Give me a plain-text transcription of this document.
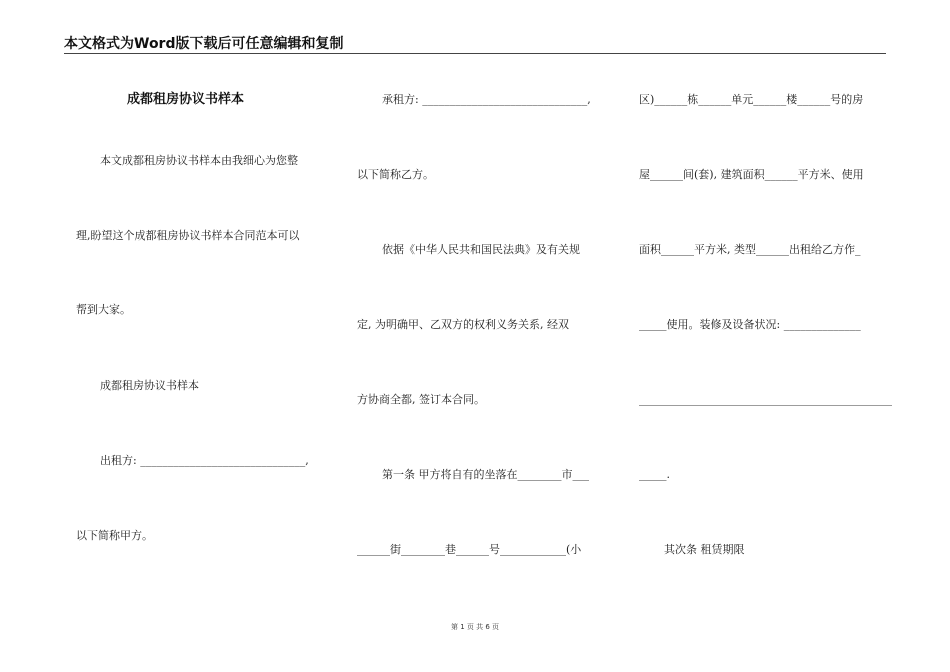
本文格式为Word版下载后可任意编辑和复制
成都租房协议书样本
本文成都租房协议书样本由我细心为您整
理,盼望这个成都租房协议书样本合同范本可以
帮到大家。
成都租房协议书样本
出租方: ______________________________,
以下简称甲方。
承租方: ______________________________,
以下简称乙方。
依据《中华人民共和国民法典》及有关规
定, 为明确甲、乙双方的权利义务关系, 经双
方协商全都, 签订本合同。
第一条 甲方将自有的坐落在________市___
______街________巷______号____________(小
区)______栋______单元______楼______号的房
屋______间(套), 建筑面积______平方米、使用
面积______平方米, 类型______出租给乙方作_
_____使用。装修及设备状况: ______________
______________________________________________
_____.
其次条 租赁期限
第 1 页 共 6 页
